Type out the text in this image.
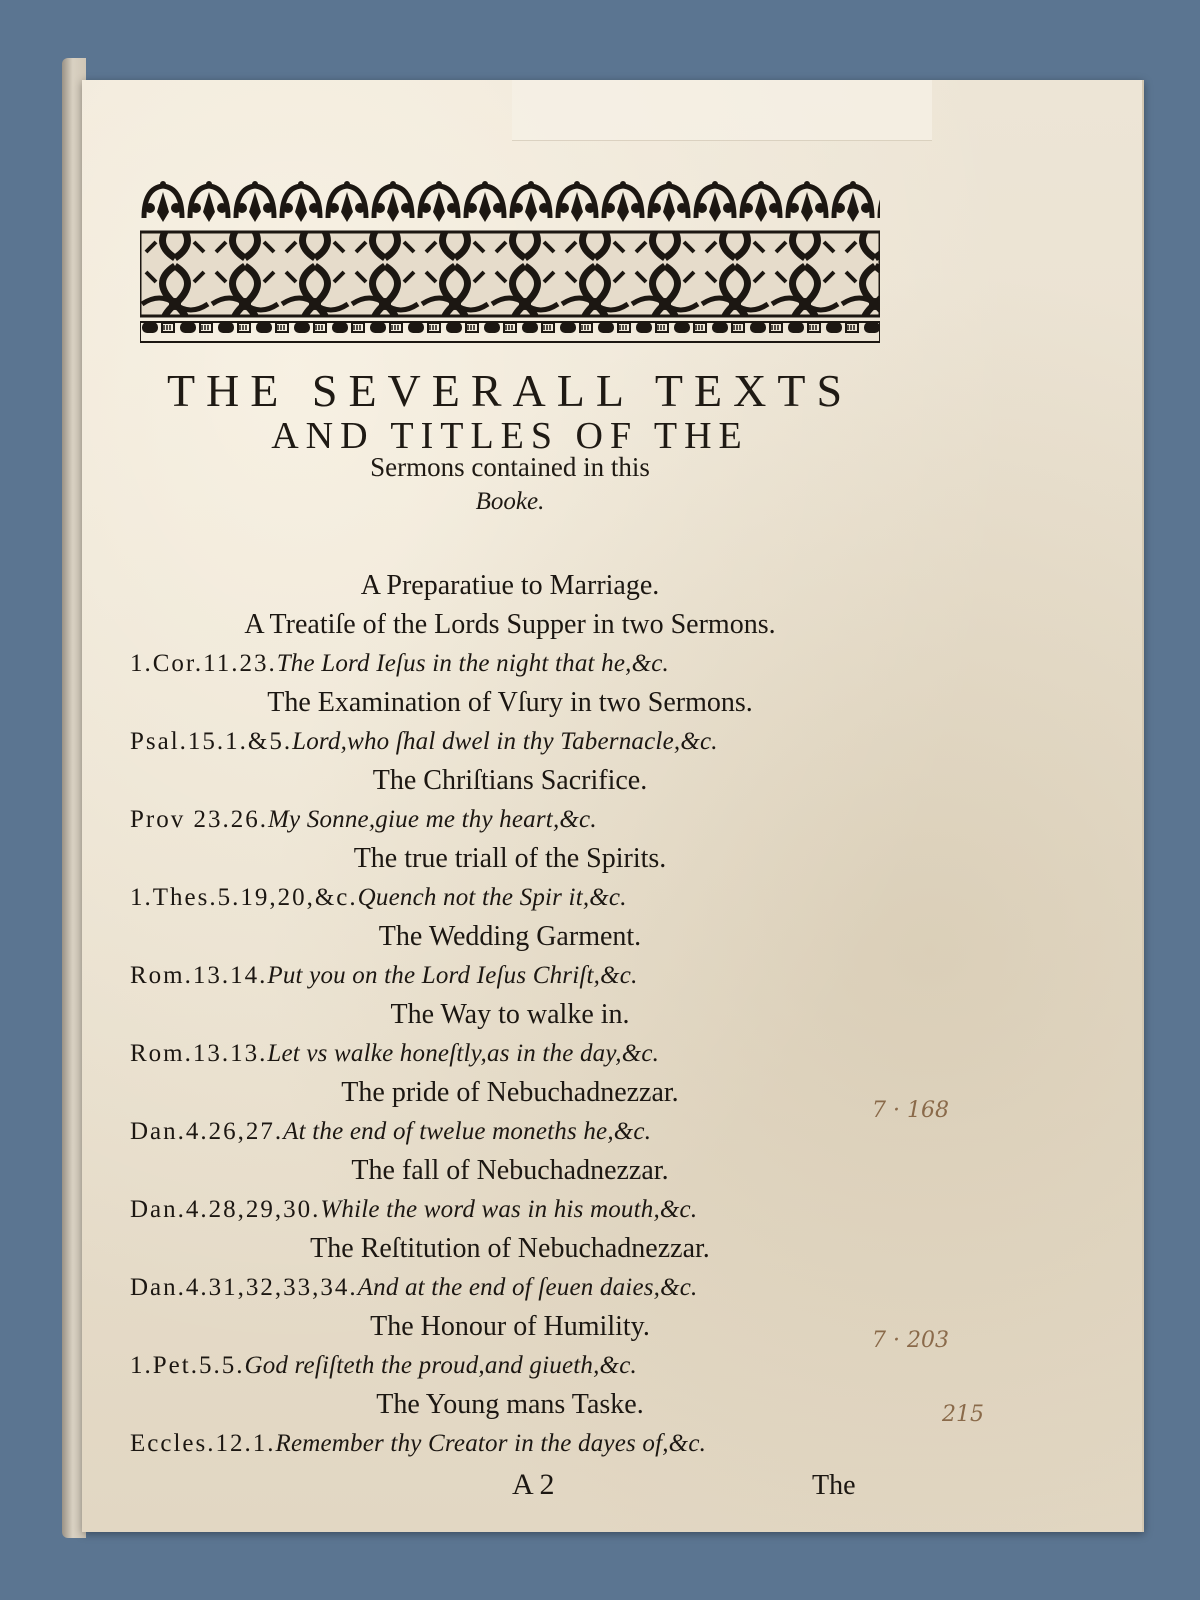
THE SEVERALL TEXTS
AND TITLES OF THE
Sermons contained in this
Booke.
A Preparatiue to Marriage.
A Treatiſe of the Lords Supper in two Sermons.
1.Cor.11.23.The Lord Ieſus in the night that he,&c.
The Examination of Vſury in two Sermons.
Psal.15.1.&5.Lord,who ſhal dwel in thy Tabernacle,&c.
The Chriſtians Sacrifice.
Prov 23.26.My Sonne,giue me thy heart,&c.
The true triall of the Spirits.
1.Thes.5.19,20,&c.Quench not the Spir it,&c.
The Wedding Garment.
Rom.13.14.Put you on the Lord Ieſus Chriſt,&c.
The Way to walke in.
Rom.13.13.Let vs walke honeſtly,as in the day,&c.
The pride of Nebuchadnezzar.
Dan.4.26,27.At the end of twelue moneths he,&c.
The fall of Nebuchadnezzar.
Dan.4.28,29,30.While the word was in his mouth,&c.
The Reſtitution of Nebuchadnezzar.
Dan.4.31,32,33,34.And at the end of ſeuen daies,&c.
The Honour of Humility.
1.Pet.5.5.God reſiſteth the proud,and giueth,&c.
The Young mans Taske.
Eccles.12.1.Remember thy Creator in the dayes of,&c.
A 2	The
7 · 168
7 · 203
215
